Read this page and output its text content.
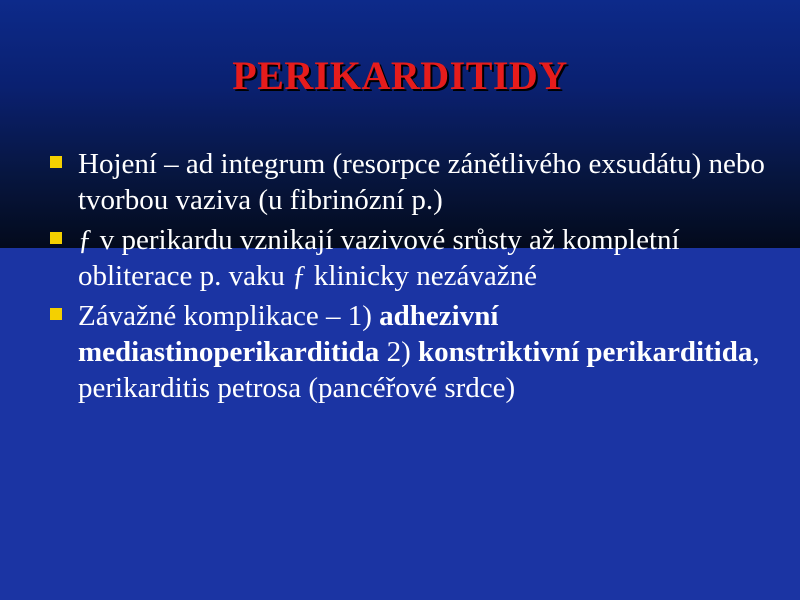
PERIKARDITIDY
Hojení – ad integrum (resorpce zánětlivého exsudátu) nebo tvorbou vaziva (u fibrinózní p.)
ƒ v perikardu vznikají vazivové srůsty až kompletní obliterace p. vaku ƒ klinicky nezávažné
Závažné komplikace – 1) adhezivní mediastinoperikarditida 2) konstriktivní perikarditida, perikarditis petrosa (pancéřové srdce)
